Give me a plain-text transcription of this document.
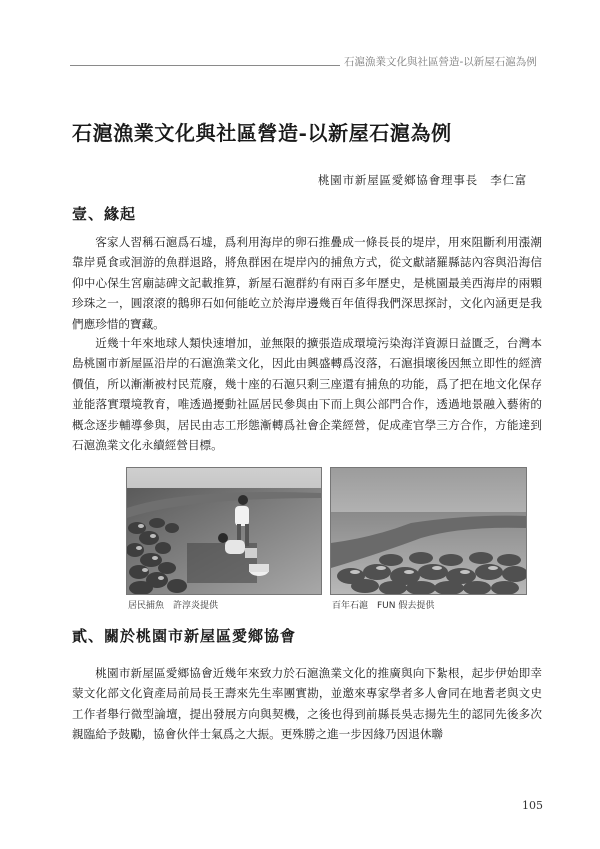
石滬漁業文化與社區營造-以新屋石滬為例
石滬漁業文化與社區營造-以新屋石滬為例
桃園市新屋區愛鄉協會理事長　李仁富
壹、緣起

客家人習稱石滬爲石墟，爲利用海岸的卵石推疊成一條長長的堤岸，用來阻斷利用漲潮靠岸覓食或洄游的魚群退路，將魚群困在堤岸內的捕魚方式，從文獻諸羅縣誌內容與沿海信仰中心保生宮廟誌碑文記載推算，新屋石滬群約有兩百多年歷史，是桃園最美西海岸的兩顆珍珠之一，圓滾滾的鵝卵石如何能屹立於海岸邊幾百年值得我們深思探討，文化內涵更是我們應珍惜的寶藏。

近幾十年來地球人類快速增加，並無限的擴張造成環境污染海洋資源日益匱乏，台灣本島桃園市新屋區沿岸的石滬漁業文化，因此由興盛轉爲沒落，石滬損壞後因無立即性的經濟價值，所以漸漸被村民荒廢，幾十座的石滬只剩三座還有捕魚的功能，爲了把在地文化保存並能落實環境教育，唯透過擾動社區居民參與由下而上與公部門合作，透過地景融入藝術的概念逐步輔導參與，居民由志工形態漸轉爲社會企業經營，促成產官學三方合作，方能達到石滬漁業文化永續經營目標。

居民捕魚　許淳炎提供	百年石滬　FUN 假去提供
貳、關於桃園市新屋區愛鄉協會

桃園市新屋區愛鄉協會近幾年來致力於石滬漁業文化的推廣與向下紮根，起步伊始即幸蒙文化部文化資產局前局長王壽來先生率團實勘，並邀來專家學者多人會同在地耆老與文史工作者舉行微型論壇，提出發展方向與契機，之後也得到前縣長吳志揚先生的認同先後多次親臨給予鼓勵，協會伙伴士氣爲之大振。更殊勝之進一步因緣乃因退休聯

105
